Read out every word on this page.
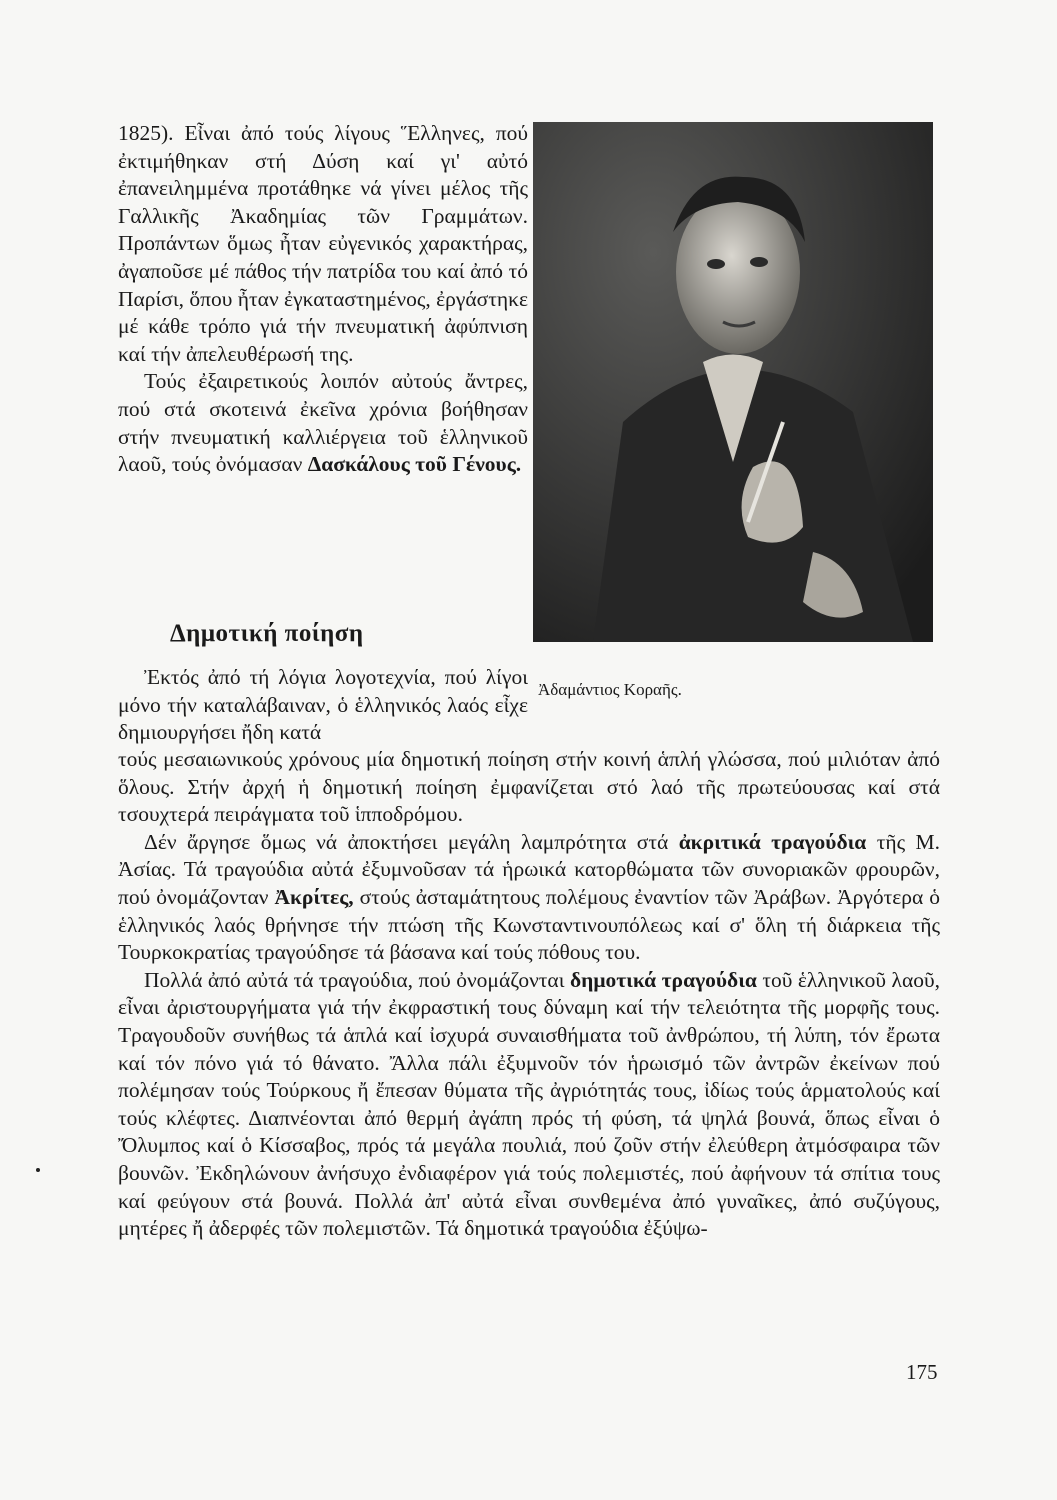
1825). Εἶναι ἀπό τούς λίγους Ἕλληνες, πού ἐκτιμήθηκαν στή Δύση καί γι' αὐτό ἐπανειλημμένα προτάθηκε νά γίνει μέλος τῆς Γαλλικῆς Ἀκαδημίας τῶν Γραμμάτων. Προπάντων ὅμως ἦταν εὐγενικός χαρακτήρας, ἀγαποῦσε μέ πάθος τήν πατρίδα του καί ἀπό τό Παρίσι, ὅπου ἦταν ἐγκαταστημένος, ἐργάστηκε μέ κάθε τρόπο γιά τήν πνευματική ἀφύπνιση καί τήν ἀπελευθέρωσή της.

Τούς ἐξαιρετικούς λοιπόν αὐτούς ἄντρες, πού στά σκοτεινά ἐκεῖνα χρόνια βοήθησαν στήν πνευματική καλλιέργεια τοῦ ἑλληνικοῦ λαοῦ, τούς ὀνόμασαν Δασκάλους τοῦ Γένους.

Δημοτική ποίηση
Ἀδαμάντιος Κοραῆς.

Ἐκτός ἀπό τή λόγια λογοτεχνία, πού λίγοι μόνο τήν καταλάβαιναν, ὁ ἑλληνικός λαός εἶχε δημιουργήσει ἤδη κατά

τούς μεσαιωνικούς χρόνους μία δημοτική ποίηση στήν κοινή ἁπλή γλώσσα, πού μιλιόταν ἀπό ὅλους. Στήν ἀρχή ἡ δημοτική ποίηση ἐμφανίζεται στό λαό τῆς πρωτεύουσας καί στά τσουχτερά πειράγματα τοῦ ἱπποδρόμου.

Δέν ἄργησε ὅμως νά ἀποκτήσει μεγάλη λαμπρότητα στά ἀκριτικά τραγούδια τῆς Μ. Ἀσίας. Τά τραγούδια αὐτά ἐξυμνοῦσαν τά ἡρωικά κατορθώματα τῶν συνοριακῶν φρουρῶν, πού ὀνομάζονταν Ἀκρίτες, στούς ἀσταμάτητους πολέμους ἐναντίον τῶν Ἀράβων. Ἀργότερα ὁ ἑλληνικός λαός θρήνησε τήν πτώση τῆς Κωνσταντινουπόλεως καί σ' ὅλη τή διάρκεια τῆς Τουρκοκρατίας τραγούδησε τά βάσανα καί τούς πόθους του.

Πολλά ἀπό αὐτά τά τραγούδια, πού ὀνομάζονται δημοτικά τραγούδια τοῦ ἑλληνικοῦ λαοῦ, εἶναι ἀριστουργήματα γιά τήν ἐκφραστική τους δύναμη καί τήν τελειότητα τῆς μορφῆς τους. Τραγουδοῦν συνήθως τά ἁπλά καί ἰσχυρά συναισθήματα τοῦ ἀνθρώπου, τή λύπη, τόν ἔρωτα καί τόν πόνο γιά τό θάνατο. Ἄλλα πάλι ἐξυμνοῦν τόν ἡρωισμό τῶν ἀντρῶν ἐκείνων πού πολέμησαν τούς Τούρκους ἤ ἔπεσαν θύματα τῆς ἀγριότητάς τους, ἰδίως τούς ἁρματολούς καί τούς κλέφτες. Διαπνέονται ἀπό θερμή ἀγάπη πρός τή φύση, τά ψηλά βουνά, ὅπως εἶναι ὁ Ὄλυμπος καί ὁ Κίσσαβος, πρός τά μεγάλα πουλιά, πού ζοῦν στήν ἐλεύθερη ἀτμόσφαιρα τῶν βουνῶν. Ἐκδηλώνουν ἀνήσυχο ἐνδιαφέρον γιά τούς πολεμιστές, πού ἀφήνουν τά σπίτια τους καί φεύγουν στά βουνά. Πολλά ἀπ' αὐτά εἶναι συνθεμένα ἀπό γυναῖκες, ἀπό συζύγους, μητέρες ἤ ἀδερφές τῶν πολεμιστῶν. Τά δημοτικά τραγούδια ἐξύψω-

175
